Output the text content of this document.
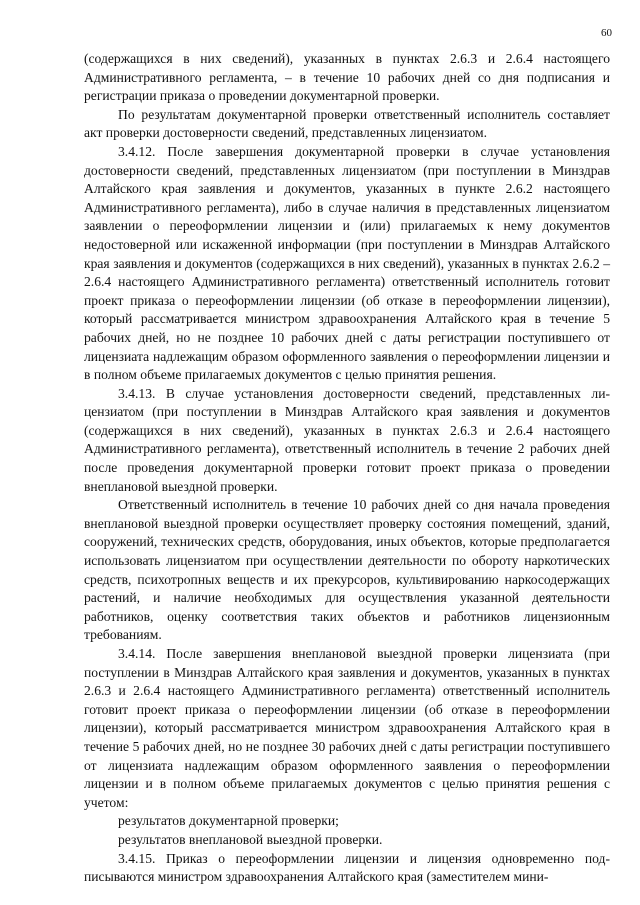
60

(содержащихся в них сведений), указанных в пунктах 2.6.3 и 2.6.4 настоящего Административного регламента, – в течение 10 рабочих дней со дня подписания и регистрации приказа о проведении документарной проверки.

По результатам документарной проверки ответственный исполнитель составляет акт проверки достоверности сведений, представленных лицензиатом.

3.4.12. После завершения документарной проверки в случае установления достоверности сведений, представленных лицензиатом (при поступлении в Минздрав Алтайского края заявления и документов, указанных в пункте 2.6.2 настоящего Административного регламента), либо в случае наличия в представленных лицензиатом заявлении о переоформлении лицензии и (или) прилагаемых к нему документов недостоверной или искаженной информации (при поступлении в Минздрав Алтайского края заявления и документов (содержащихся в них сведений), указанных в пунктах 2.6.2 – 2.6.4 настоящего Административного регламента) ответственный исполнитель готовит проект приказа о переоформлении лицензии (об отказе в переоформлении лицензии), который рассматривается министром здравоохранения Алтайского края в течение 5 рабочих дней, но не позднее 10 рабочих дней с даты регистрации поступившего от лицензиата надлежащим образом оформленного заявления о переоформлении лицензии и в полном объеме прилагаемых документов с целью принятия решения.

3.4.13. В случае установления достоверности сведений, представленных лицензиатом (при поступлении в Минздрав Алтайского края заявления и документов (содержащихся в них сведений), указанных в пунктах 2.6.3 и 2.6.4 настоящего Административного регламента), ответственный исполнитель в течение 2 рабочих дней после проведения документарной проверки готовит проект приказа о проведении внеплановой выездной проверки.

Ответственный исполнитель в течение 10 рабочих дней со дня начала проведения внеплановой выездной проверки осуществляет проверку состояния помещений, зданий, сооружений, технических средств, оборудования, иных объектов, которые предполагается использовать лицензиатом при осуществлении деятельности по обороту наркотических средств, психотропных веществ и их прекурсоров, культивированию наркосодержащих растений, и наличие необходимых для осуществления указанной деятельности работников, оценку соответствия таких объектов и работников лицензионным требованиям.

3.4.14. После завершения внеплановой выездной проверки лицензиата (при поступлении в Минздрав Алтайского края заявления и документов, указанных в пунктах 2.6.3 и 2.6.4 настоящего Административного регламента) ответственный исполнитель готовит проект приказа о переоформлении лицензии (об отказе в переоформлении лицензии), который рассматривается министром здравоохранения Алтайского края в течение 5 рабочих дней, но не позднее 30 рабочих дней с даты регистрации поступившего от лицензиата надлежащим образом оформленного заявления о переоформлении лицензии и в полном объеме прилагаемых документов с целью принятия решения с учетом:

результатов документарной проверки;

результатов внеплановой выездной проверки.

3.4.15. Приказ о переоформлении лицензии и лицензия одновременно подписываются министром здравоохранения Алтайского края (заместителем мини-
